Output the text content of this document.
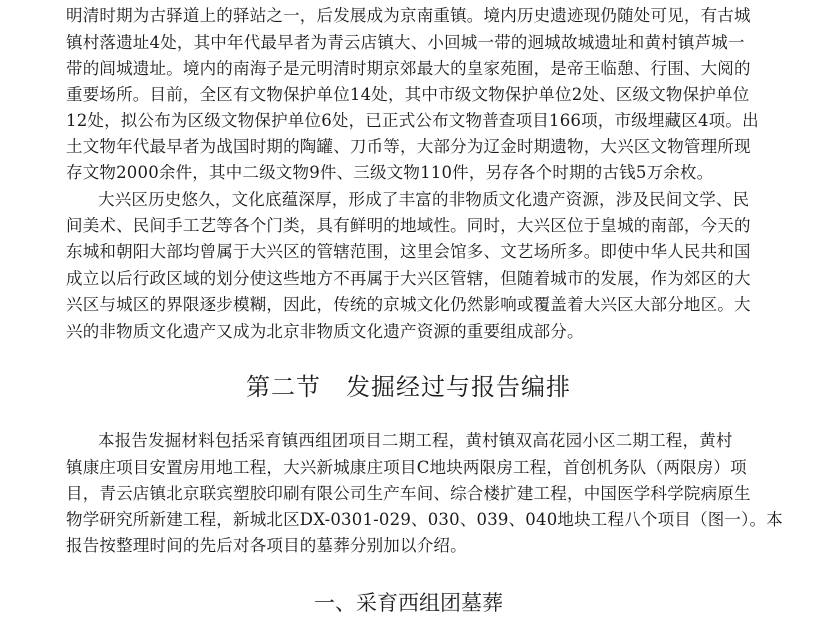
明清时期为古驿道上的驿站之一，后发展成为京南重镇。境内历史遗迹现仍随处可见，有古城
镇村落遗址4处，其中年代最早者为青云店镇大、小回城一带的迥城故城遗址和黄村镇芦城一
带的闾城遗址。境内的南海子是元明清时期京郊最大的皇家苑囿，是帝王临憩、行围、大阅的
重要场所。目前，全区有文物保护单位14处，其中市级文物保护单位2处、区级文物保护单位
12处，拟公布为区级文物保护单位6处，已正式公布文物普查项目166项，市级埋藏区4项。出
土文物年代最早者为战国时期的陶罐、刀币等，大部分为辽金时期遗物，大兴区文物管理所现
存文物2000余件，其中二级文物9件、三级文物110件，另存各个时期的古钱5万余枚。
大兴区历史悠久，文化底蕴深厚，形成了丰富的非物质文化遗产资源，涉及民间文学、民
间美术、民间手工艺等各个门类，具有鲜明的地域性。同时，大兴区位于皇城的南部，今天的
东城和朝阳大部均曾属于大兴区的管辖范围，这里会馆多、文艺场所多。即使中华人民共和国
成立以后行政区域的划分使这些地方不再属于大兴区管辖，但随着城市的发展，作为郊区的大
兴区与城区的界限逐步模糊，因此，传统的京城文化仍然影响或覆盖着大兴区大部分地区。大
兴的非物质文化遗产又成为北京非物质文化遗产资源的重要组成部分。
第二节　发掘经过与报告编排
本报告发掘材料包括采育镇西组团项目二期工程，黄村镇双高花园小区二期工程，黄村
镇康庄项目安置房用地工程，大兴新城康庄项目C地块两限房工程，首创机务队（两限房）项
目，青云店镇北京联宾塑胶印刷有限公司生产车间、综合楼扩建工程，中国医学科学院病原生
物学研究所新建工程，新城北区DX-0301-029、030、039、040地块工程八个项目（图一）。本
报告按整理时间的先后对各项目的墓葬分别加以介绍。
一、采育西组团墓葬
